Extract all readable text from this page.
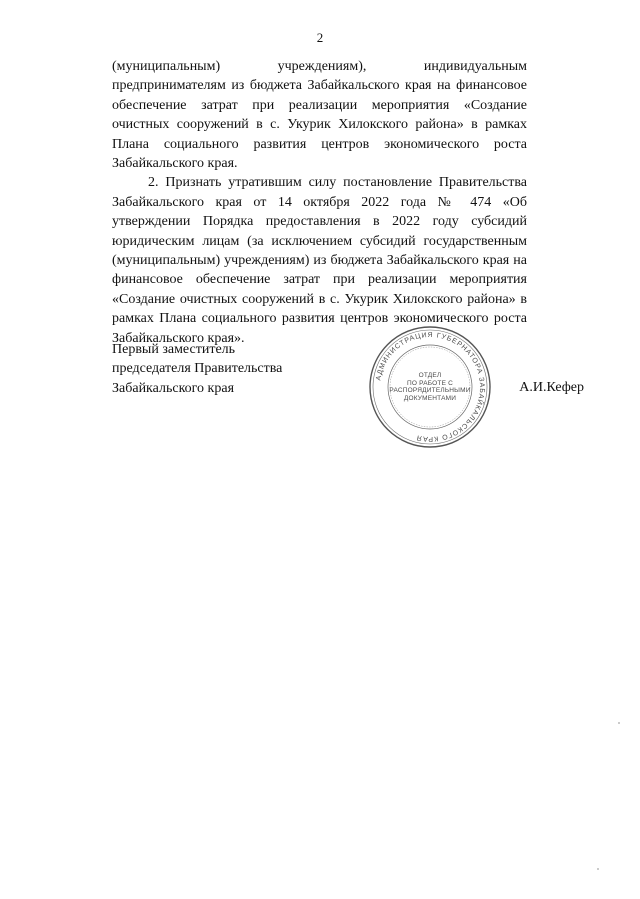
2

(муниципальным) учреждениям), индивидуальным предпринимателям из бюджета Забайкальского края на финансовое обеспечение затрат при реализации мероприятия «Создание очистных сооружений в с. Укурик Хилокского района» в рамках Плана социального развития центров экономического роста Забайкальского края.

2. Признать утратившим силу постановление Правительства Забайкальского края от 14 октября 2022 года № 474 «Об утверждении Порядка предоставления в 2022 году субсидий юридическим лицам (за исключением субсидий государственным (муниципальным) учреждениям) из бюджета Забайкальского края на финансовое обеспечение затрат при реализации мероприятия «Создание очистных сооружений в с. Укурик Хилокского района» в рамках Плана социального развития центров экономического роста Забайкальского края».

Первый заместитель
председателя Правительства
Забайкальского края	А.И.Кефер
АДМИНИСТРАЦИЯ ГУБЕРНАТОРА ЗАБАЙКАЛЬСКОГО КРАЯ
ОТДЕЛ
ПО РАБОТЕ С
РАСПОРЯДИТЕЛЬНЫМИ
ДОКУМЕНТАМИ
